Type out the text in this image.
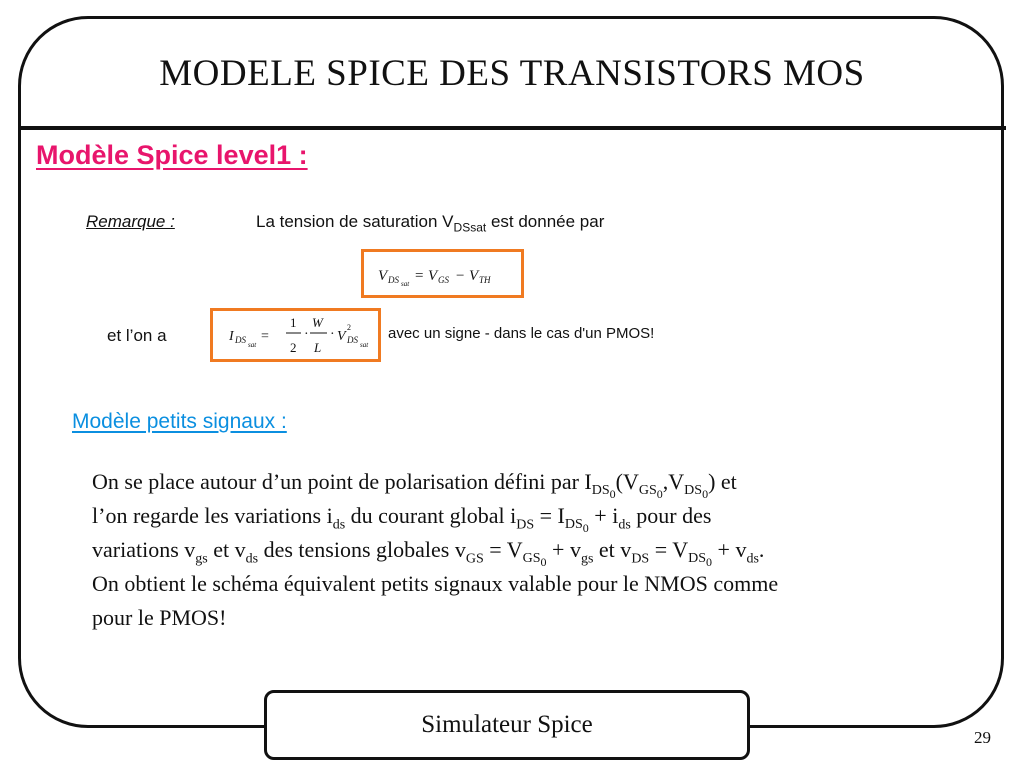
MODELE SPICE DES TRANSISTORS MOS
Modèle Spice level1 :
Remarque :	La tension de saturation $V_{DSsat}$ est donnée par
V DS sat = V GS − V TH
et l’on a	I DS sat
=
1
2
·
W
L
· V
2
DS sat
avec un signe - dans le cas d'un PMOS!
Modèle petits signaux :

On se place autour d’un point de polarisation défini par $I_{DS_0}(V_{GS_0},V_{DS_0})$ et

l’on regarde les variations $i_{ds}$ du courant global $i_{DS} = I_{DS_0} + i_{ds}$ pour des

variations $v_{gs}$ et $v_{ds}$ des tensions globales $v_{GS} = V_{GS_0} + v_{gs}$ et $v_{DS} = V_{DS_0} + v_{ds}$.

On obtient le schéma équivalent petits signaux valable pour le NMOS comme

pour le PMOS!

Simulateur Spice	29
